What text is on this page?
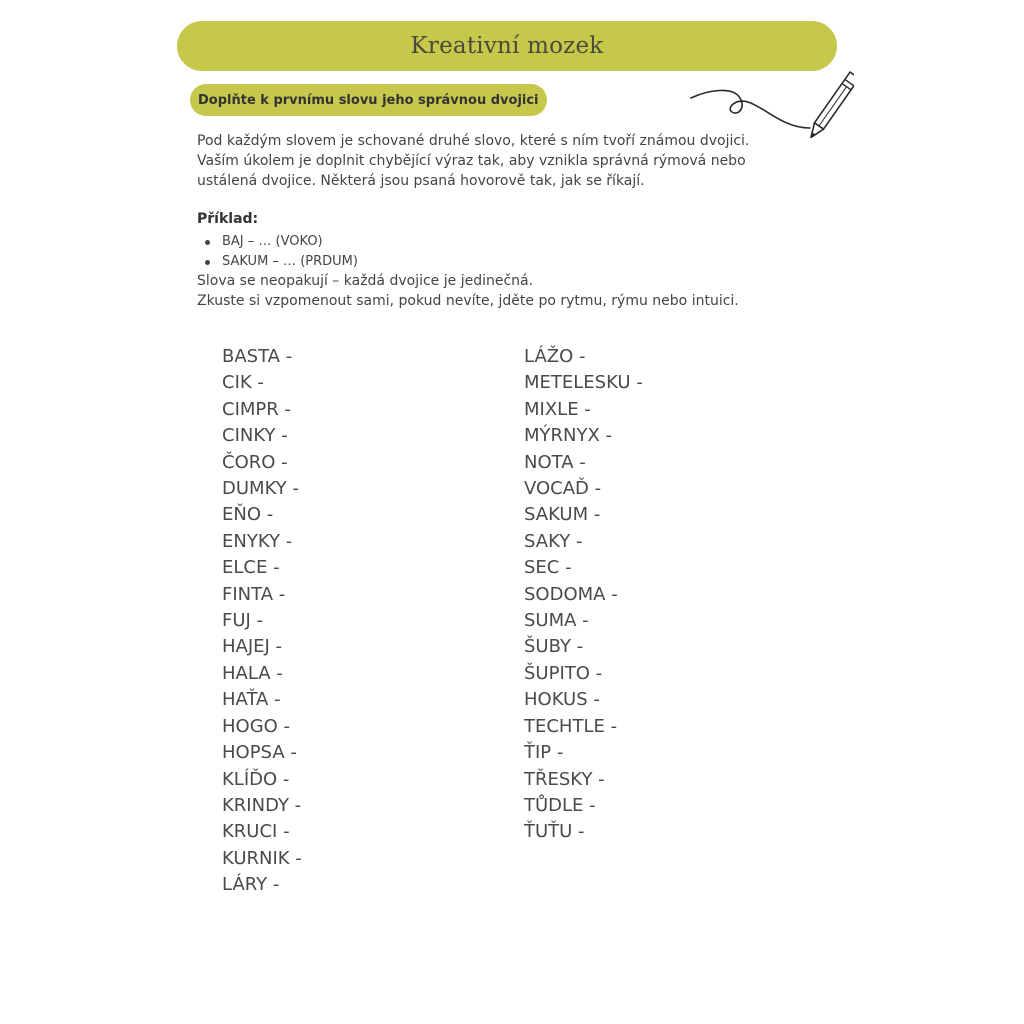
Kreativní mozek
Doplňte k prvnímu slovu jeho správnou dvojici

Pod každým slovem je schované druhé slovo, které s ním tvoří známou dvojici.

Vaším úkolem je doplnit chybějící výraz tak, aby vznikla správná rýmová nebo

ustálená dvojice. Některá jsou psaná hovorově tak, jak se říkají.

Příklad:
BAJ – … (VOKO)
SAKUM – … (PRDUM)

Slova se neopakují – každá dvojice je jedinečná.

Zkuste si vzpomenout sami, pokud nevíte, jděte po rytmu, rýmu nebo intuici.

BASTA -
CIK -
CIMPR -
CINKY -
ČORO -
DUMKY -
EŇO -
ENYKY -
ELCE -
FINTA -
FUJ -
HAJEJ -
HALA -
HAŤA -
HOGO -
HOPSA -
KLÍĎO -
KRINDY -
KRUCI -
KURNIK -
LÁRY -
LÁŽO -
METELESKU -
MIXLE -
MÝRNYX -
NOTA -
VOCAĎ -
SAKUM -
SAKY -
SEC -
SODOMA -
SUMA -
ŠUBY -
ŠUPITO -
HOKUS -
TECHTLE -
ŤIP -
TŘESKY -
TŮDLE -
ŤUŤU -
